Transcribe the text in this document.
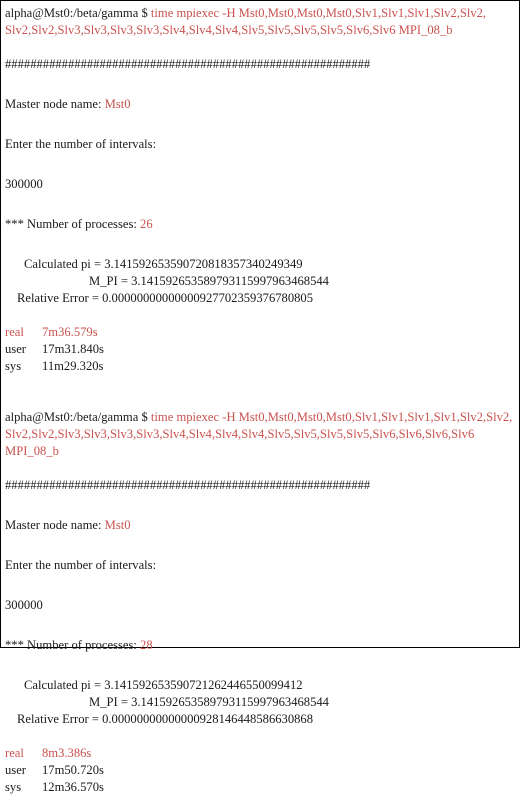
alpha@Mst0:/beta/gamma $ time mpiexec -H Mst0,Mst0,Mst0,Mst0,Slv1,Slv1,Slv1,Slv2,Slv2,
Slv2,Slv2,Slv3,Slv3,Slv3,Slv3,Slv4,Slv4,Slv4,Slv5,Slv5,Slv5,Slv5,Slv6,Slv6 MPI_08_b
##########################################################
Master node name: Mst0
Enter the number of intervals:
300000
*** Number of processes: 26
Calculated pi = 3.141592653590720818357340249349
M_PI = 3.141592653589793115997963468544
Relative Error = 0.00000000000000927702359376780805
real 7m36.579s
user 17m31.840s
sys 11m29.320s
alpha@Mst0:/beta/gamma $ time mpiexec -H Mst0,Mst0,Mst0,Mst0,Slv1,Slv1,Slv1,Slv1,Slv2,Slv2,
Slv2,Slv2,Slv3,Slv3,Slv3,Slv3,Slv4,Slv4,Slv4,Slv4,Slv5,Slv5,Slv5,Slv5,Slv6,Slv6,Slv6,Slv6
MPI_08_b
##########################################################
Master node name: Mst0
Enter the number of intervals:
300000
*** Number of processes: 28
Calculated pi = 3.141592653590721262446550099412
M_PI = 3.141592653589793115997963468544
Relative Error = 0.00000000000000928146448586630868
real 8m3.386s
user 17m50.720s
sys 12m36.570s
